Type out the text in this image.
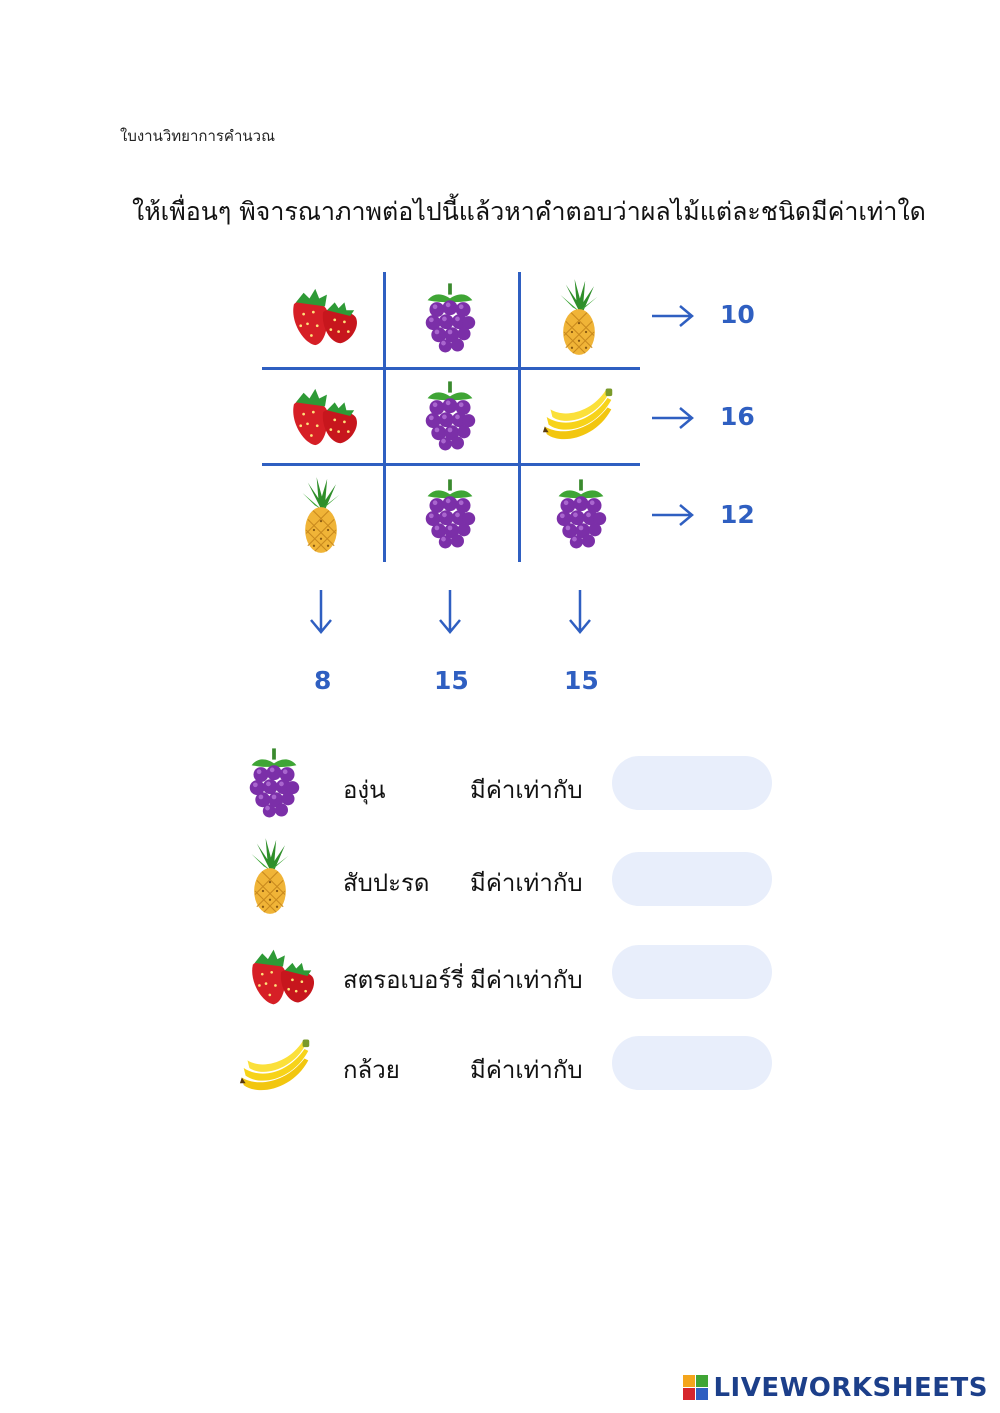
ใบงานวิทยาการคำนวณ
ให้เพื่อนๆ พิจารณาภาพต่อไปนี้แล้วหาคำตอบว่าผลไม้แต่ละชนิดมีค่าเท่าใด
10
16
12
8	15	15
องุ่น	มีค่าเท่ากับ
สับปะรด มีค่าเท่ากับ
สตรอเบอร์รี่ มีค่าเท่ากับ
กล้วย	มีค่าเท่ากับ
LIVEWORKSHEETS
